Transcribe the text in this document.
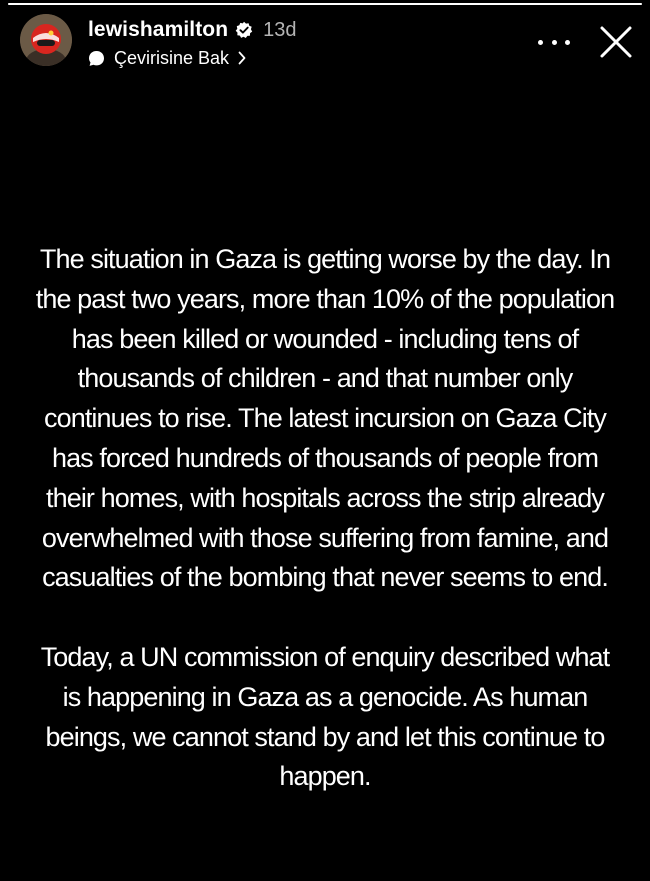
lewishamilton 13d
Çevirisine Bak

The situation in Gaza is getting worse by the day. In the past two years, more than 10% of the population has been killed or wounded - including tens of thousands of children - and that number only continues to rise. The latest incursion on Gaza City has forced hundreds of thousands of people from their homes, with hospitals across the strip already overwhelmed with those suffering from famine, and casualties of the bombing that never seems to end.

Today, a UN commission of enquiry described what is happening in Gaza as a genocide. As human beings, we cannot stand by and let this continue to happen.
